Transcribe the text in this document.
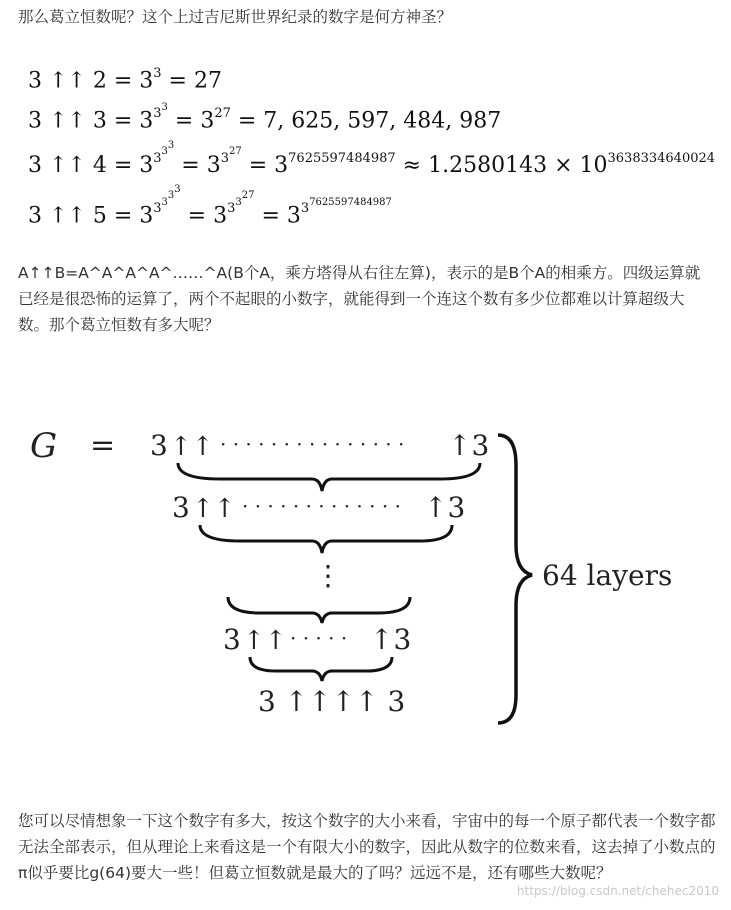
那么葛立恒数呢？这个上过吉尼斯世界纪录的数字是何方神圣？

3 ↑↑ $2 = 3^3 = 27$
3 ↑↑ $3 = 3^{3^3} = 3^{27} = 7$, 625, 597, 484, 987
3 ↑↑ $4 = 3^{3^{3^3}} = 3^{3^{27}} = 3^{7625597484987} \approx 1.2580143 \times 10^{3638334640024}$
3 ↑↑ $5 = 3^{3^{3^{3^3}}} = 3^{3^{3^{27}}} = 3^{3^{7625597484987}}$

A↑↑B=A^A^A^A^……^A(B个A，乘方塔得从右往左算)，表示的是B个A的相乘方。四级运算就已经是很恐怖的运算了，两个不起眼的小数字，就能得到一个连这个数有多少位都难以计算超级大数。那个葛立恒数有多大呢？

G = 3 ↑↑ · · · · · · · · · · · · · · · ↑3
3 ↑↑ · · · · · · · · · · · · · ↑3
⋮
3 ↑↑ · · · · · ↑3
3 ↑↑↑↑ 3
64 layers

您可以尽情想象一下这个数字有多大，按这个数字的大小来看，宇宙中的每一个原子都代表一个数字都无法全部表示，但从理论上来看这是一个有限大小的数字，因此从数字的位数来看，这去掉了小数点的π似乎要比g(64)要大一些！但葛立恒数就是最大的了吗？远远不是，还有哪些大数呢？

https://blog.csdn.net/chehec2010
